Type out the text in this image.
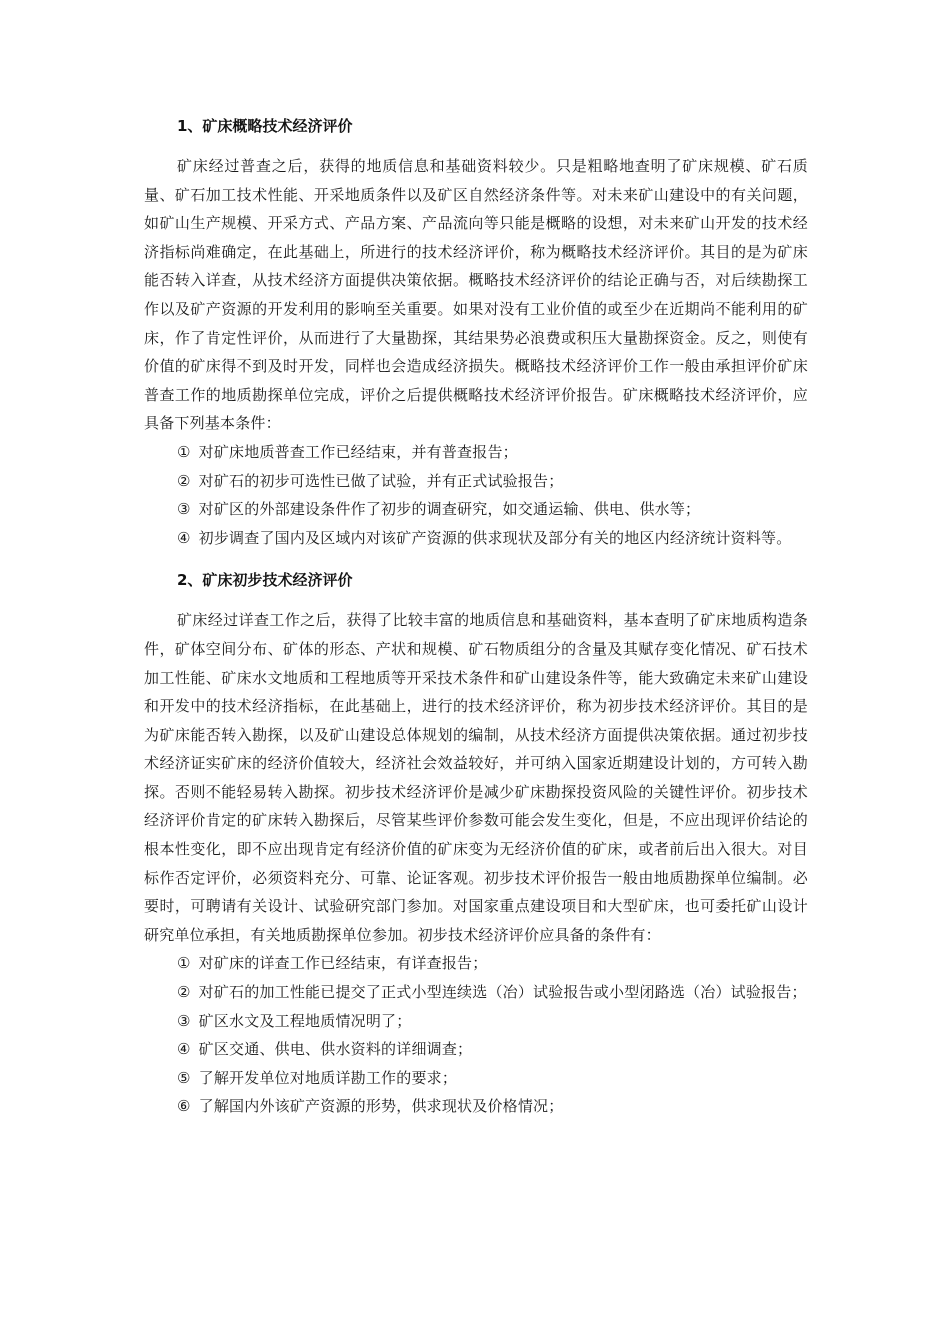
1、矿床概略技术经济评价

矿床经过普查之后，获得的地质信息和基础资料较少。只是粗略地查明了矿床规模、矿石质量、矿石加工技术性能、开采地质条件以及矿区自然经济条件等。对未来矿山建设中的有关问题，如矿山生产规模、开采方式、产品方案、产品流向等只能是概略的设想，对未来矿山开发的技术经济指标尚难确定，在此基础上，所进行的技术经济评价，称为概略技术经济评价。其目的是为矿床能否转入详查，从技术经济方面提供决策依据。概略技术经济评价的结论正确与否，对后续勘探工作以及矿产资源的开发利用的影响至关重要。如果对没有工业价值的或至少在近期尚不能利用的矿床，作了肯定性评价，从而进行了大量勘探，其结果势必浪费或积压大量勘探资金。反之，则使有价值的矿床得不到及时开发，同样也会造成经济损失。概略技术经济评价工作一般由承担评价矿床普查工作的地质勘探单位完成，评价之后提供概略技术经济评价报告。矿床概略技术经济评价，应具备下列基本条件：

① 对矿床地质普查工作已经结束，并有普查报告；

② 对矿石的初步可选性已做了试验，并有正式试验报告；

③ 对矿区的外部建设条件作了初步的调查研究，如交通运输、供电、供水等；

④ 初步调查了国内及区域内对该矿产资源的供求现状及部分有关的地区内经济统计资料等。

2、矿床初步技术经济评价

矿床经过详查工作之后，获得了比较丰富的地质信息和基础资料，基本查明了矿床地质构造条件，矿体空间分布、矿体的形态、产状和规模、矿石物质组分的含量及其赋存变化情况、矿石技术加工性能、矿床水文地质和工程地质等开采技术条件和矿山建设条件等，能大致确定未来矿山建设和开发中的技术经济指标，在此基础上，进行的技术经济评价，称为初步技术经济评价。其目的是为矿床能否转入勘探，以及矿山建设总体规划的编制，从技术经济方面提供决策依据。通过初步技术经济证实矿床的经济价值较大，经济社会效益较好，并可纳入国家近期建设计划的，方可转入勘探。否则不能轻易转入勘探。初步技术经济评价是减少矿床勘探投资风险的关键性评价。初步技术经济评价肯定的矿床转入勘探后，尽管某些评价参数可能会发生变化，但是，不应出现评价结论的根本性变化，即不应出现肯定有经济价值的矿床变为无经济价值的矿床，或者前后出入很大。对目标作否定评价，必须资料充分、可靠、论证客观。初步技术评价报告一般由地质勘探单位编制。必要时，可聘请有关设计、试验研究部门参加。对国家重点建设项目和大型矿床，也可委托矿山设计研究单位承担，有关地质勘探单位参加。初步技术经济评价应具备的条件有：

① 对矿床的详查工作已经结束，有详查报告；

② 对矿石的加工性能已提交了正式小型连续选（冶）试验报告或小型闭路选（冶）试验报告；

③ 矿区水文及工程地质情况明了；

④ 矿区交通、供电、供水资料的详细调查；

⑤ 了解开发单位对地质详勘工作的要求；

⑥ 了解国内外该矿产资源的形势，供求现状及价格情况；
